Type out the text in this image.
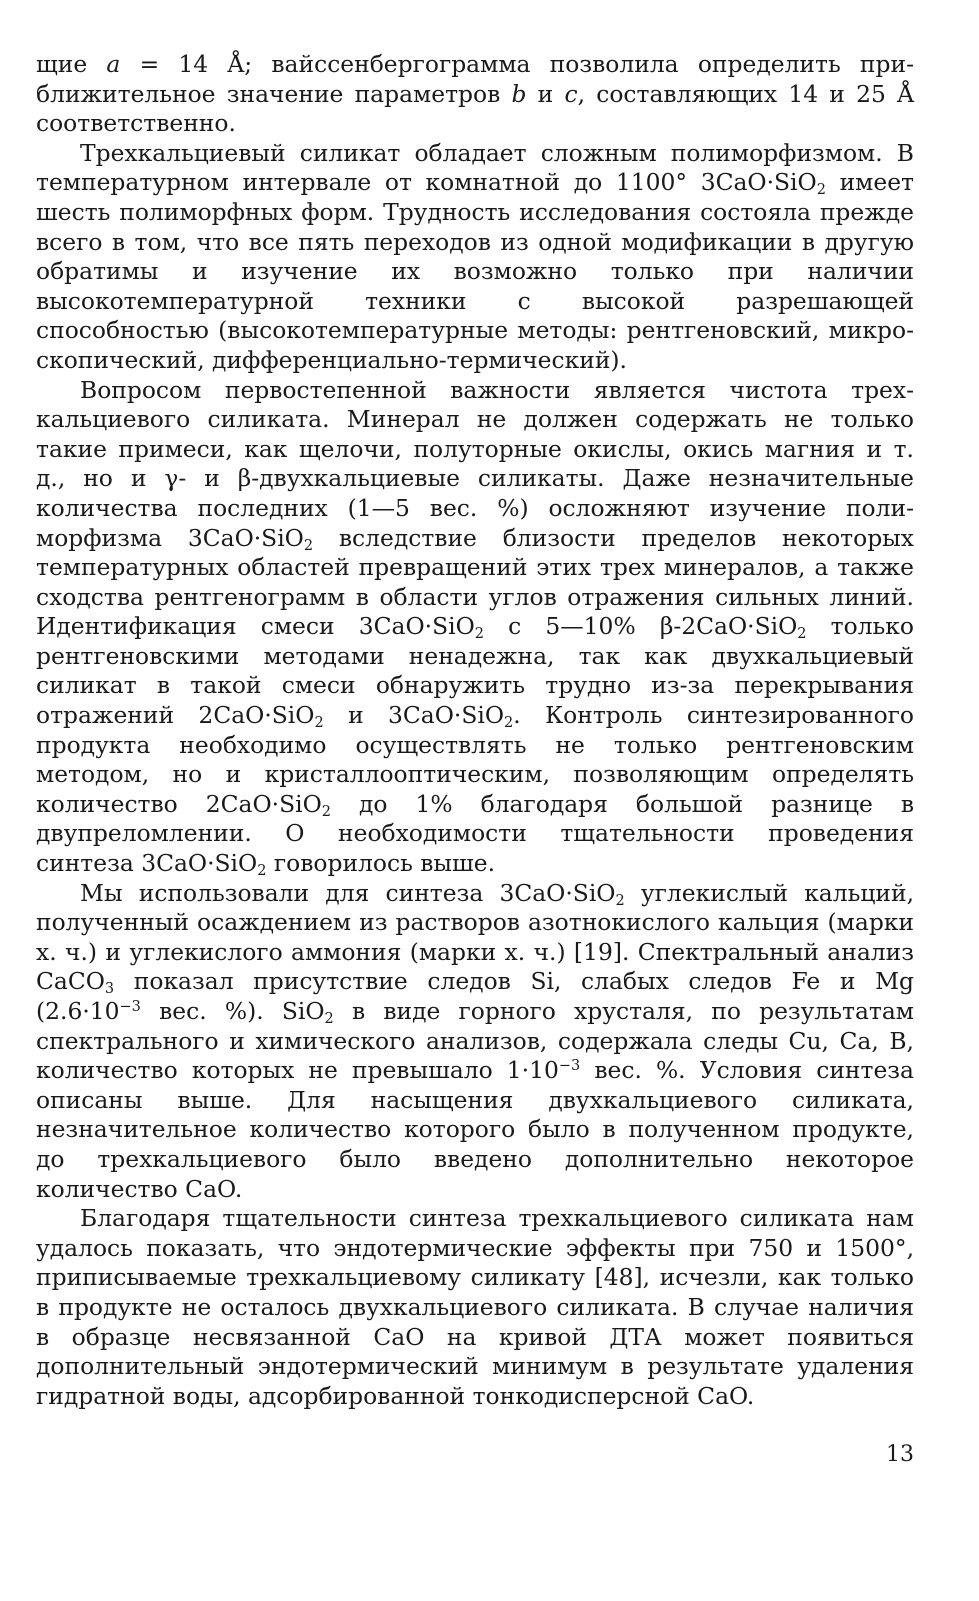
щие a = 14 Å; вайссенбергограмма позволила определить приближительное значение параметров b и c, составляющих 14 и 25 Å соответственно.

Трехкальциевый силикат обладает сложным полиморфизмом. В температурном интервале от комнатной до 1100° 3CaO·SiO$_2$ имеет шесть полиморфных форм. Трудность исследования состояла прежде всего в том, что все пять переходов из одной модификации в другую обратимы и изучение их возможно только при наличии высокотемпературной техники с высокой разрешающей способностью (высокотемпературные методы: рентгеновский, микроскопический, дифференциально-термический).

Вопросом первостепенной важности является чистота трехкальциевого силиката. Минерал не должен содержать не только такие примеси, как щелочи, полуторные окислы, окись магния и т. д., но и γ- и β-двухкальциевые силикаты. Даже незначительные количества последних (1—5 вес. %) осложняют изучение полиморфизма 3CaO·SiO$_2$ вследствие близости пределов некоторых температурных областей превращений этих трех минералов, а также сходства рентгенограмм в области углов отражения сильных линий. Идентификация смеси 3CaO·SiO$_2$ с 5—10% β-2CaO·SiO$_2$ только рентгеновскими методами ненадежна, так как двухкальциевый силикат в такой смеси обнаружить трудно из-за перекрывания отражений 2CaO·SiO$_2$ и 3CaO·SiO$_2$. Контроль синтезированного продукта необходимо осуществлять не только рентгеновским методом, но и кристаллооптическим, позволяющим определять количество 2CaO·SiO$_2$ до 1% благодаря большой разнице в двупреломлении. О необходимости тщательности проведения синтеза 3CaO·SiO$_2$ говорилось выше.

Мы использовали для синтеза 3CaO·SiO$_2$ углекислый кальций, полученный осаждением из растворов азотнокислого кальция (марки х. ч.) и углекислого аммония (марки х. ч.) [19]. Спектральный анализ CaCO$_3$ показал присутствие следов Si, слабых следов Fe и Mg ($2.6\cdot 10^{-3}$ вес. %). SiO$_2$ в виде горного хрусталя, по результатам спектрального и химического анализов, содержала следы Cu, Ca, B, количество которых не превышало $1\cdot 10^{-3}$ вес. %. Условия синтеза описаны выше. Для насыщения двухкальциевого силиката, незначительное количество которого было в полученном продукте, до трехкальциевого было введено дополнительно некоторое количество CaO.

Благодаря тщательности синтеза трехкальциевого силиката нам удалось показать, что эндотермические эффекты при 750 и 1500°, приписываемые трехкальциевому силикату [48], исчезли, как только в продукте не осталось двухкальциевого силиката. В случае наличия в образце несвязанной CaO на кривой ДТА может появиться дополнительный эндотермический минимум в результате удаления гидратной воды, адсорбированной тонкодисперсной CaO.

13
